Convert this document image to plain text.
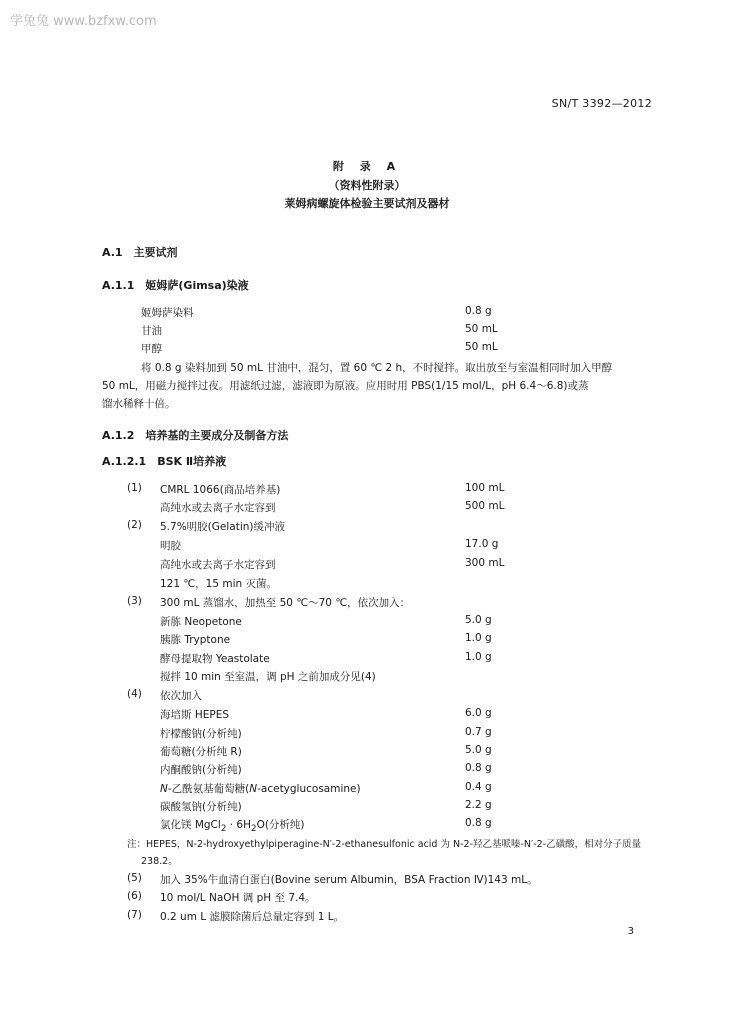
学兔兔 www.bzfxw.com
SN/T 3392—2012
附 录 A
（资料性附录）
莱姆病螺旋体检验主要试剂及器材
A.1　主要试剂
A.1.1　姬姆萨(Gimsa)染液
姬姆萨染料	0.8 g
甘油	50 mL
甲醇	50 mL
将 0.8 g 染料加到 50 mL 甘油中，混匀，置 60 ℃ 2 h，不时搅拌。取出放至与室温相同时加入甲醇
50 mL，用磁力搅拌过夜。用滤纸过滤，滤液即为原液。应用时用 PBS(1/15 mol/L，pH 6.4～6.8)或蒸
馏水稀释十倍。
A.1.2　培养基的主要成分及制备方法
A.1.2.1　BSK Ⅱ培养液
(1) CMRL 1066(商品培养基)	100 mL
高纯水或去离子水定容到	500 mL
(2) 5.7%明胶(Gelatin)缓冲液
明胶	17.0 g
高纯水或去离子水定容到	300 mL
121 ℃，15 min 灭菌。
(3) 300 mL 蒸馏水，加热至 50 ℃～70 ℃，依次加入：
新胨 Neopetone	5.0 g
胰胨 Tryptone	1.0 g
酵母提取物 Yeastolate	1.0 g
搅拌 10 min 至室温，调 pH 之前加成分见(4)
(4) 依次加入
海培斯 HEPES	6.0 g
柠檬酸钠(分析纯)	0.7 g
葡萄糖(分析纯 R)	5.0 g
内酮酸钠(分析纯)	0.8 g
N-乙酰氨基葡萄糖(N-acetyglucosamine)	0.4 g
碳酸氢钠(分析纯)	2.2 g
氯化镁 MgCl$_2$ · $6H_2O$(分析纯)	0.8 g
注：HEPES，N-2-hydroxyethylpiperagine-N′-2-ethanesulfonic acid 为 N-2-羟乙基哌嗪-N′-2-乙磺酸，相对分子质量
238.2。
(5) 加入 35%牛血清白蛋白(Bovine serum Albumin，BSA Fraction Ⅳ)143 mL。
(6) 10 mol/L NaOH 调 pH 至 7.4。
(7) 0.2 um L 滤膜除菌后总量定容到 1 L。
3
